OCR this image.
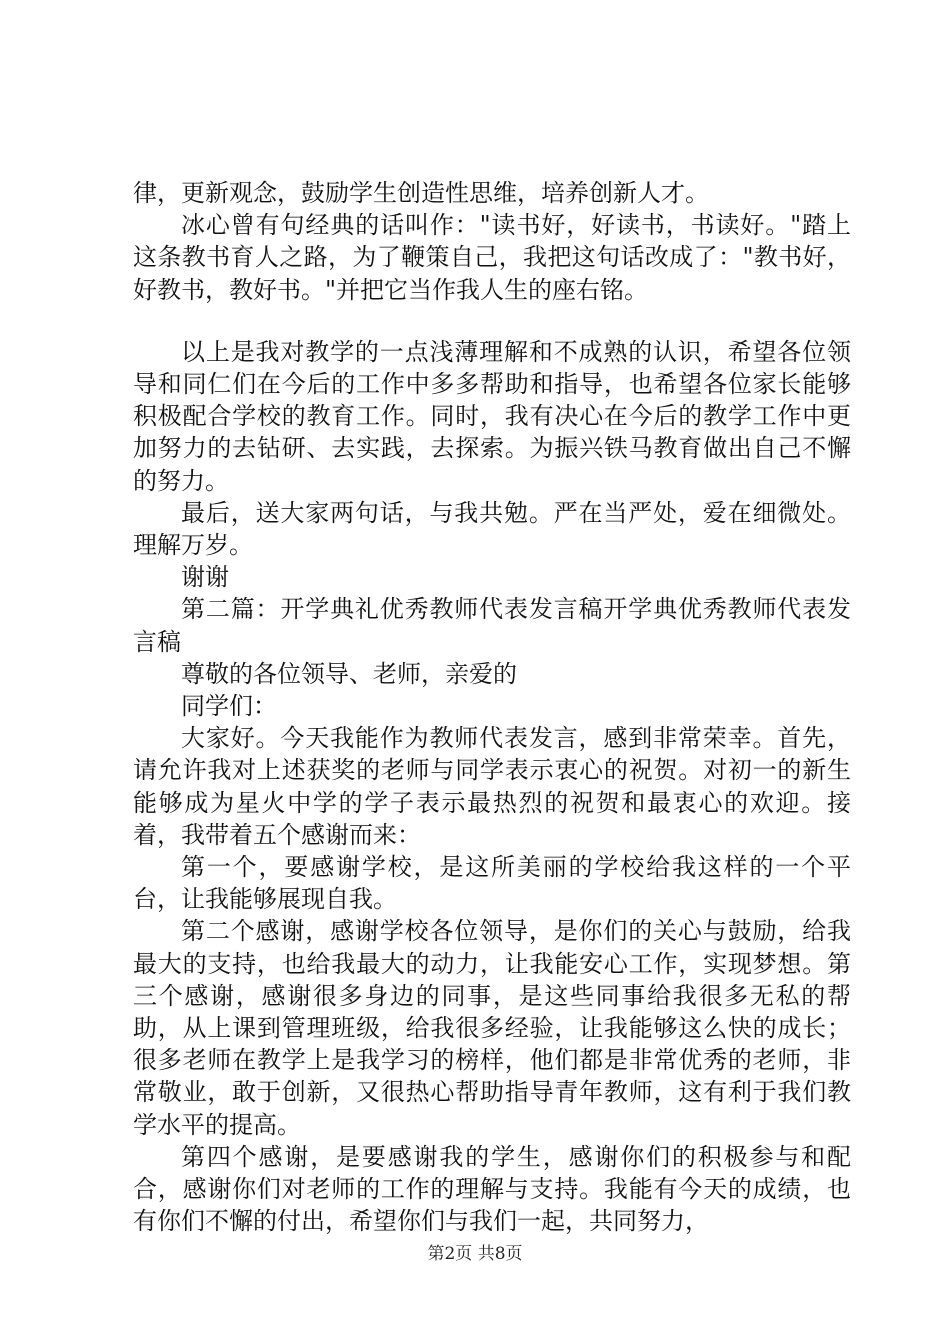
律，更新观念，鼓励学生创造性思维，培养创新人才。

冰心曾有句经典的话叫作："读书好，好读书，书读好。"踏上这条教书育人之路，为了鞭策自己，我把这句话改成了："教书好，好教书，教好书。"并把它当作我人生的座右铭。

以上是我对教学的一点浅薄理解和不成熟的认识，希望各位领导和同仁们在今后的工作中多多帮助和指导，也希望各位家长能够积极配合学校的教育工作。同时，我有决心在今后的教学工作中更加努力的去钻研、去实践，去探索。为振兴铁马教育做出自己不懈的努力。

最后，送大家两句话，与我共勉。严在当严处，爱在细微处。理解万岁。

谢谢

第二篇：开学典礼优秀教师代表发言稿开学典优秀教师代表发言稿

尊敬的各位领导、老师，亲爱的

同学们：

大家好。今天我能作为教师代表发言，感到非常荣幸。首先，请允许我对上述获奖的老师与同学表示衷心的祝贺。对初一的新生能够成为星火中学的学子表示最热烈的祝贺和最衷心的欢迎。接着，我带着五个感谢而来：

第一个，要感谢学校，是这所美丽的学校给我这样的一个平台，让我能够展现自我。

第二个感谢，感谢学校各位领导，是你们的关心与鼓励，给我最大的支持，也给我最大的动力，让我能安心工作，实现梦想。第三个感谢，感谢很多身边的同事，是这些同事给我很多无私的帮助，从上课到管理班级，给我很多经验，让我能够这么快的成长；很多老师在教学上是我学习的榜样，他们都是非常优秀的老师，非常敬业，敢于创新，又很热心帮助指导青年教师，这有利于我们教学水平的提高。

第四个感谢，是要感谢我的学生，感谢你们的积极参与和配合，感谢你们对老师的工作的理解与支持。我能有今天的成绩，也有你们不懈的付出，希望你们与我们一起，共同努力，

第2页 共8页
